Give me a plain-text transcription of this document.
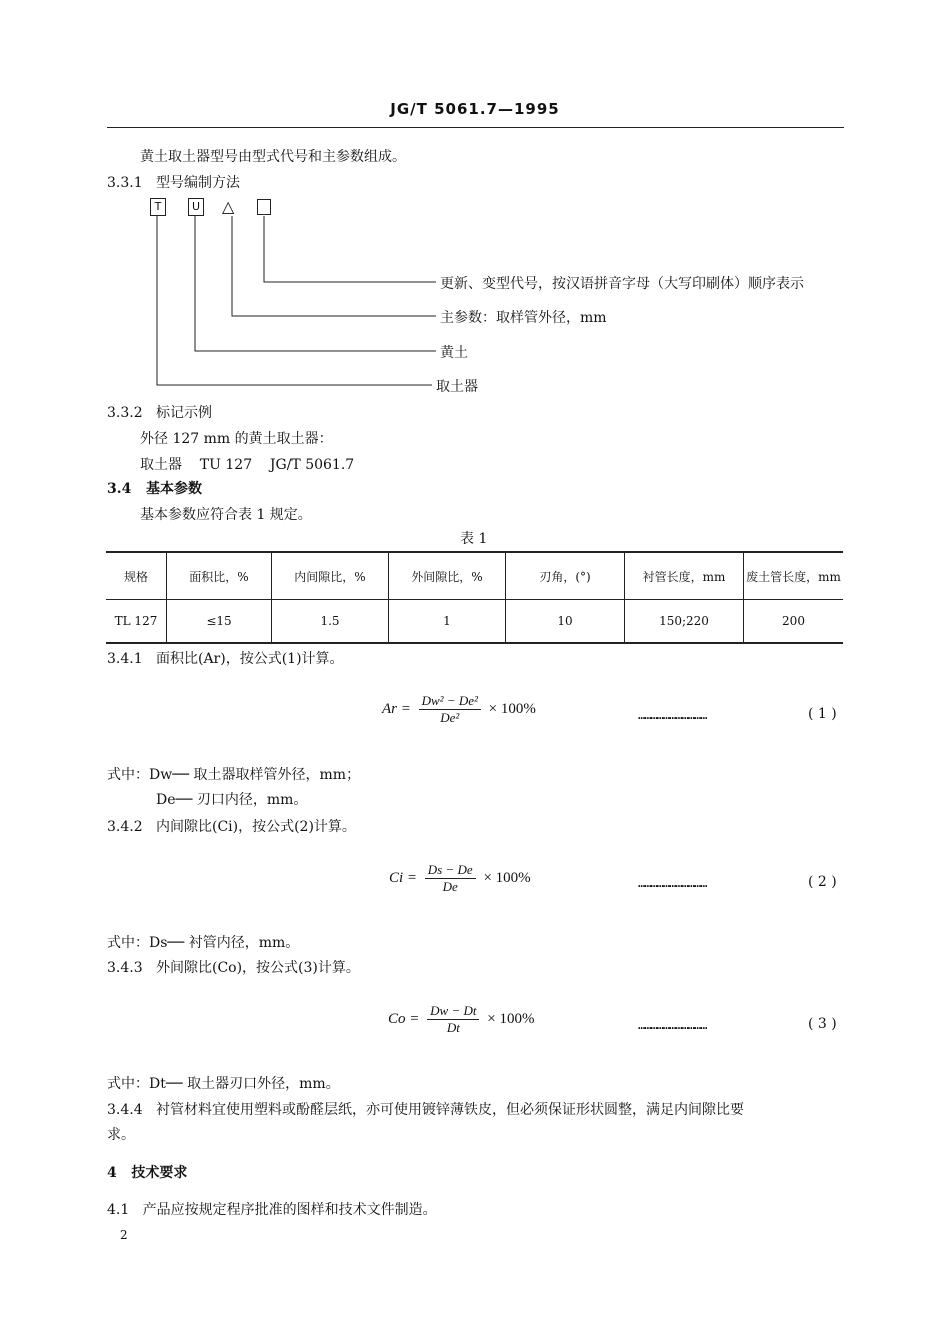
JG/T 5061.7—1995
黄土取土器型号由型式代号和主参数组成。
3.3.1 型号编制方法
T	U △
更新、变型代号，按汉语拼音字母（大写印刷体）顺序表示
主参数：取样管外径，mm
黄土
取土器
3.3.2 标记示例
外径 127 mm 的黄土取土器：
取土器    TU 127    JG/T 5061.7
3.4 基本参数
基本参数应符合表 1 规定。
表 1
规格	面积比，%	内间隙比，%	外间隙比，%	刃角，(°)	衬管长度，mm	废土管长度，mm
TL 127	≤15	1.5	1	10	150;220	200
3.4.1 面积比(Ar)，按公式(1)计算。
$Ar = \frac{\text{Dw² − De²}}{\text{De²}} \times 100\%$	……………………………	( 1 )
式中：Dw── 取土器取样管外径，mm；
De── 刃口内径，mm。
3.4.2 内间隙比(Ci)，按公式(2)计算。
$Ci = \frac{Ds - De}{De} \times 100\%$	……………………………	( 2 )
式中：Ds── 衬管内径，mm。
3.4.3 外间隙比(Co)，按公式(3)计算。
$Co = \frac{Dw - Dt}{Dt} \times 100\%$	……………………………	( 3 )
式中：Dt── 取土器刃口外径，mm。
3.4.4 衬管材料宜使用塑料或酚醛层纸，亦可使用镀锌薄铁皮，但必须保证形状圆整，满足内间隙比要
求。
4 技术要求
4.1 产品应按规定程序批准的图样和技术文件制造。
2
